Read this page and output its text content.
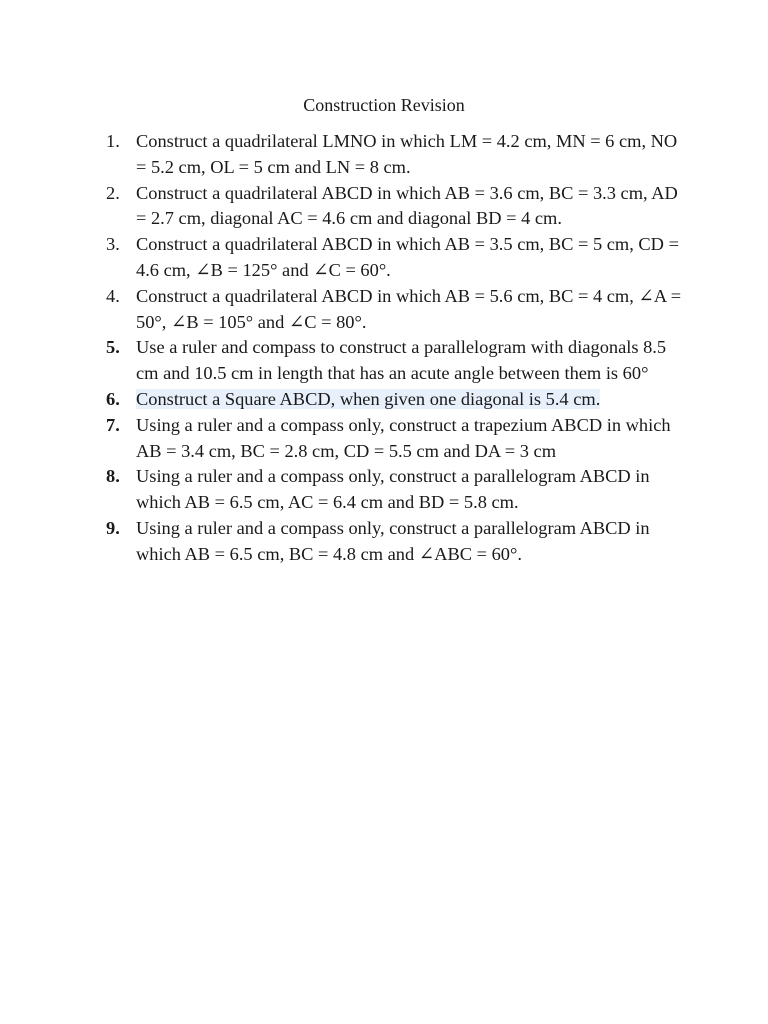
Construction Revision
1. Construct a quadrilateral LMNO in which LM = 4.2 cm, MN = 6 cm, NO = 5.2 cm, OL = 5 cm and LN = 8 cm.
2. Construct a quadrilateral ABCD in which AB = 3.6 cm, BC = 3.3 cm, AD = 2.7 cm, diagonal AC = 4.6 cm and diagonal BD = 4 cm.
3. Construct a quadrilateral ABCD in which AB = 3.5 cm, BC = 5 cm, CD = 4.6 cm, ∠B = 125° and ∠C = 60°.
4. Construct a quadrilateral ABCD in which AB = 5.6 cm, BC = 4 cm, ∠A = 50°, ∠B = 105° and ∠C = 80°.
5. Use a ruler and compass to construct a parallelogram with diagonals 8.5 cm and 10.5 cm in length that has an acute angle between them is 60°
6. Construct a Square ABCD, when given one diagonal is 5.4 cm.
7. Using a ruler and a compass only, construct a trapezium ABCD in which AB = 3.4 cm, BC = 2.8 cm, CD = 5.5 cm and DA = 3 cm
8. Using a ruler and a compass only, construct a parallelogram ABCD in which AB = 6.5 cm, AC = 6.4 cm and BD = 5.8 cm.
9. Using a ruler and a compass only, construct a parallelogram ABCD in which AB = 6.5 cm, BC = 4.8 cm and ∠ABC = 60°.
